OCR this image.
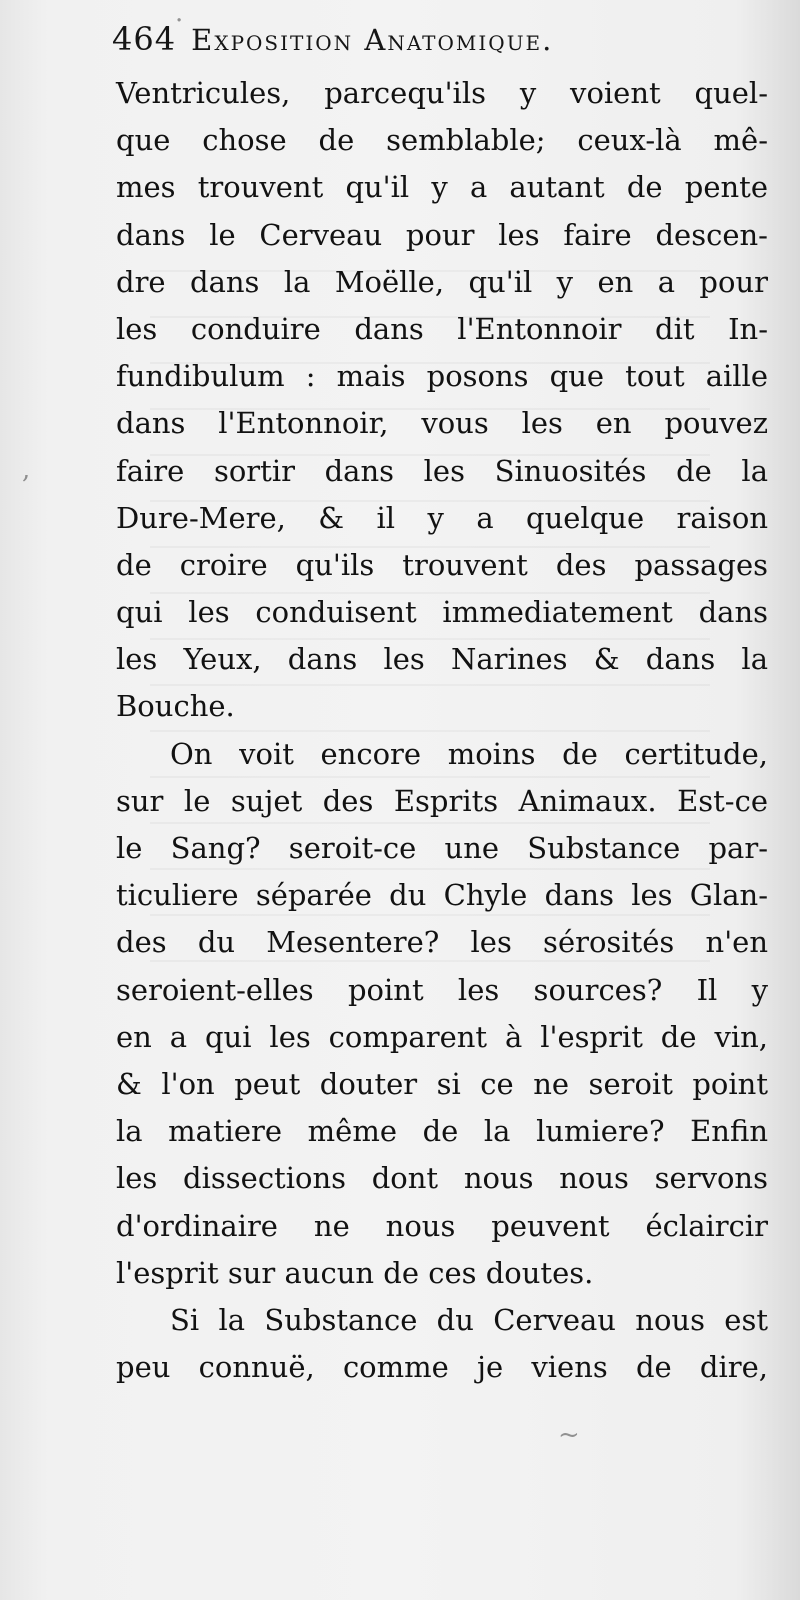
·
,
~
464 Exposition Anatomique.
Ventricules, parcequ'ils y voient quel-
que chose de semblable; ceux-là mê-
mes trouvent qu'il y a autant de pente
dans le Cerveau pour les faire descen-
dre dans la Moëlle, qu'il y en a pour
les conduire dans l'Entonnoir dit In-
fundibulum : mais posons que tout aille
dans l'Entonnoir, vous les en pouvez
faire sortir dans les Sinuosités de la
Dure-Mere, & il y a quelque raison
de croire qu'ils trouvent des passages
qui les conduisent immediatement dans
les Yeux, dans les Narines & dans la
Bouche.
On voit encore moins de certitude,
sur le sujet des Esprits Animaux. Est-ce
le Sang? seroit-ce une Substance par-
ticuliere séparée du Chyle dans les Glan-
des du Mesentere? les sérosités n'en
seroient-elles point les sources? Il y
en a qui les comparent à l'esprit de vin,
& l'on peut douter si ce ne seroit point
la matiere même de la lumiere? Enfin
les dissections dont nous nous servons
d'ordinaire ne nous peuvent éclaircir
l'esprit sur aucun de ces doutes.
Si la Substance du Cerveau nous est
peu connuë, comme je viens de dire,
